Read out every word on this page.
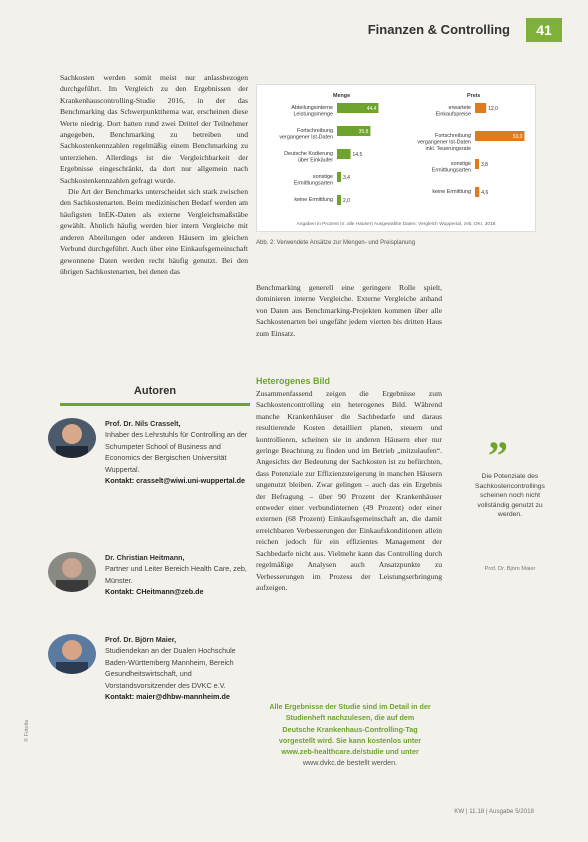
Finanzen & Controlling	41

Sachkosten werden somit meist nur anlassbezogen durchgeführt. Im Vergleich zu den Ergebnissen der Krankenhauscontrolling-Studie 2016, in der das Benchmarking das Schwerpunktthema war, erscheinen diese Werte niedrig. Dort hatten rund zwei Drittel der Teilnehmer angegeben, Benchmarking zu betreiben und Sachkostenkennzahlen regelmäßig einem Benchmarking zu unterziehen. Allerdings ist die Vergleichbarkeit der Ergebnisse eingeschränkt, da dort nur allgemein nach Sachkostenkennzahlen gefragt wurde.

Die Art der Benchmarks unterscheidet sich stark zwischen den Sachkostenarten. Beim medizinischen Bedarf werden am häufigsten InEK-Daten als externe Vergleichsmaßstäbe gewählt. Ähnlich häufig werden hier intern Vergleiche mit anderen Abteilungen oder anderen Häusern im gleichen Verbund durchgeführt. Auch über eine Einkaufsgemeinschaft gewonnene Daten werden recht häufig genutzt. Bei den übrigen Sachkostenarten, bei denen das

Menge	Preis
Abteilungsinterne Leistungsmenge
44,4
Fortschreibung vergangener Ist-Daten
35,8
Deutsche Kodierung über Einkäufer
14,5
sonstige Ermittlungsarten
3,4
keine Ermittlung 2,0
erwartete Einkaufspreise
12,0
Fortschreibung vergangener Ist-Daten inkl. Teuerungsrate
53,0
sonstige Ermittlungsarten
3,8
keine Ermittlung 4,6
Angaben in Prozent (n: alle Häuser) Ausgewählte Daten: Vergleich Wuppertal, zeb, DKI, 2018
Abb. 2: Verwendete Ansätze zur Mengen- und Preisplanung

Benchmarking generell eine geringere Rolle spielt, dominieren interne Vergleiche. Externe Vergleiche anhand von Daten aus Benchmarking-Projekten kommen über alle Sachkostenarten bei ungefähr jedem vierten bis dritten Haus zum Einsatz.

Heterogenes Bild

Zusammenfassend zeigen die Ergebnisse zum Sachkostencontrolling ein heterogenes Bild. Während manche Krankenhäuser die Sachbedarfe und daraus resultierende Kosten detailliert planen, steuern und kontrollieren, scheinen sie in anderen Häusern eher nur geringe Beachtung zu finden und im Betrieb „mitzulaufen“. Angesichts der Bedeutung der Sachkosten ist zu befürchten, dass Potenziale zur Effizienzsteigerung in manchen Häusern ungenutzt bleiben. Zwar gelingen – auch das ein Ergebnis der Befragung – über 90 Prozent der Krankenhäuser entweder einer verbundinternen (49 Prozent) oder einer externen (68 Prozent) Einkaufsgemeinschaft an, die damit erreichbaren Verbesserungen der Einkaufskonditionen allein reichen jedoch für ein effizientes Management der Sachbedarfe nicht aus. Vielmehr kann das Controlling durch regelmäßige Analysen auch Ansatzpunkte zu Verbesserungen im Prozess der Leistungserbringung aufzeigen.

”
Die Potenziale des Sachkostencontrollings scheinen noch nicht vollständig genutzt zu werden.
Prof. Dr. Björn Maier
Autoren
Prof. Dr. Nils Crasselt,
Inhaber des Lehrstuhls für Controlling an der Schumpeter School of Business and Economics der Bergischen Universität Wuppertal.
Kontakt: crasselt@wiwi.uni-wuppertal.de
Dr. Christian Heitmann,
Partner und Leiter Bereich Health Care, zeb, Münster.
Kontakt: CHeitmann@zeb.de
Prof. Dr. Björn Maier,
Studiendekan an der Dualen Hochschule Baden-Württemberg Mannheim, Bereich Gesundheitswirtschaft, und Vorstandsvorsitzender des DVKC e.V.
Kontakt: maier@dhbw-mannheim.de
Alle Ergebnisse der Studie sind im Detail in der
Studienheft nachzulesen, die auf dem
Deutsche Krankenhaus-Controlling-Tag
vorgestellt wird. Sie kann kostenlos unter
www.zeb-healthcare.de/studie und unter
www.dvkc.de bestellt werden.
© Fotolia
KW | 11.18 | Ausgabe 5/2018
